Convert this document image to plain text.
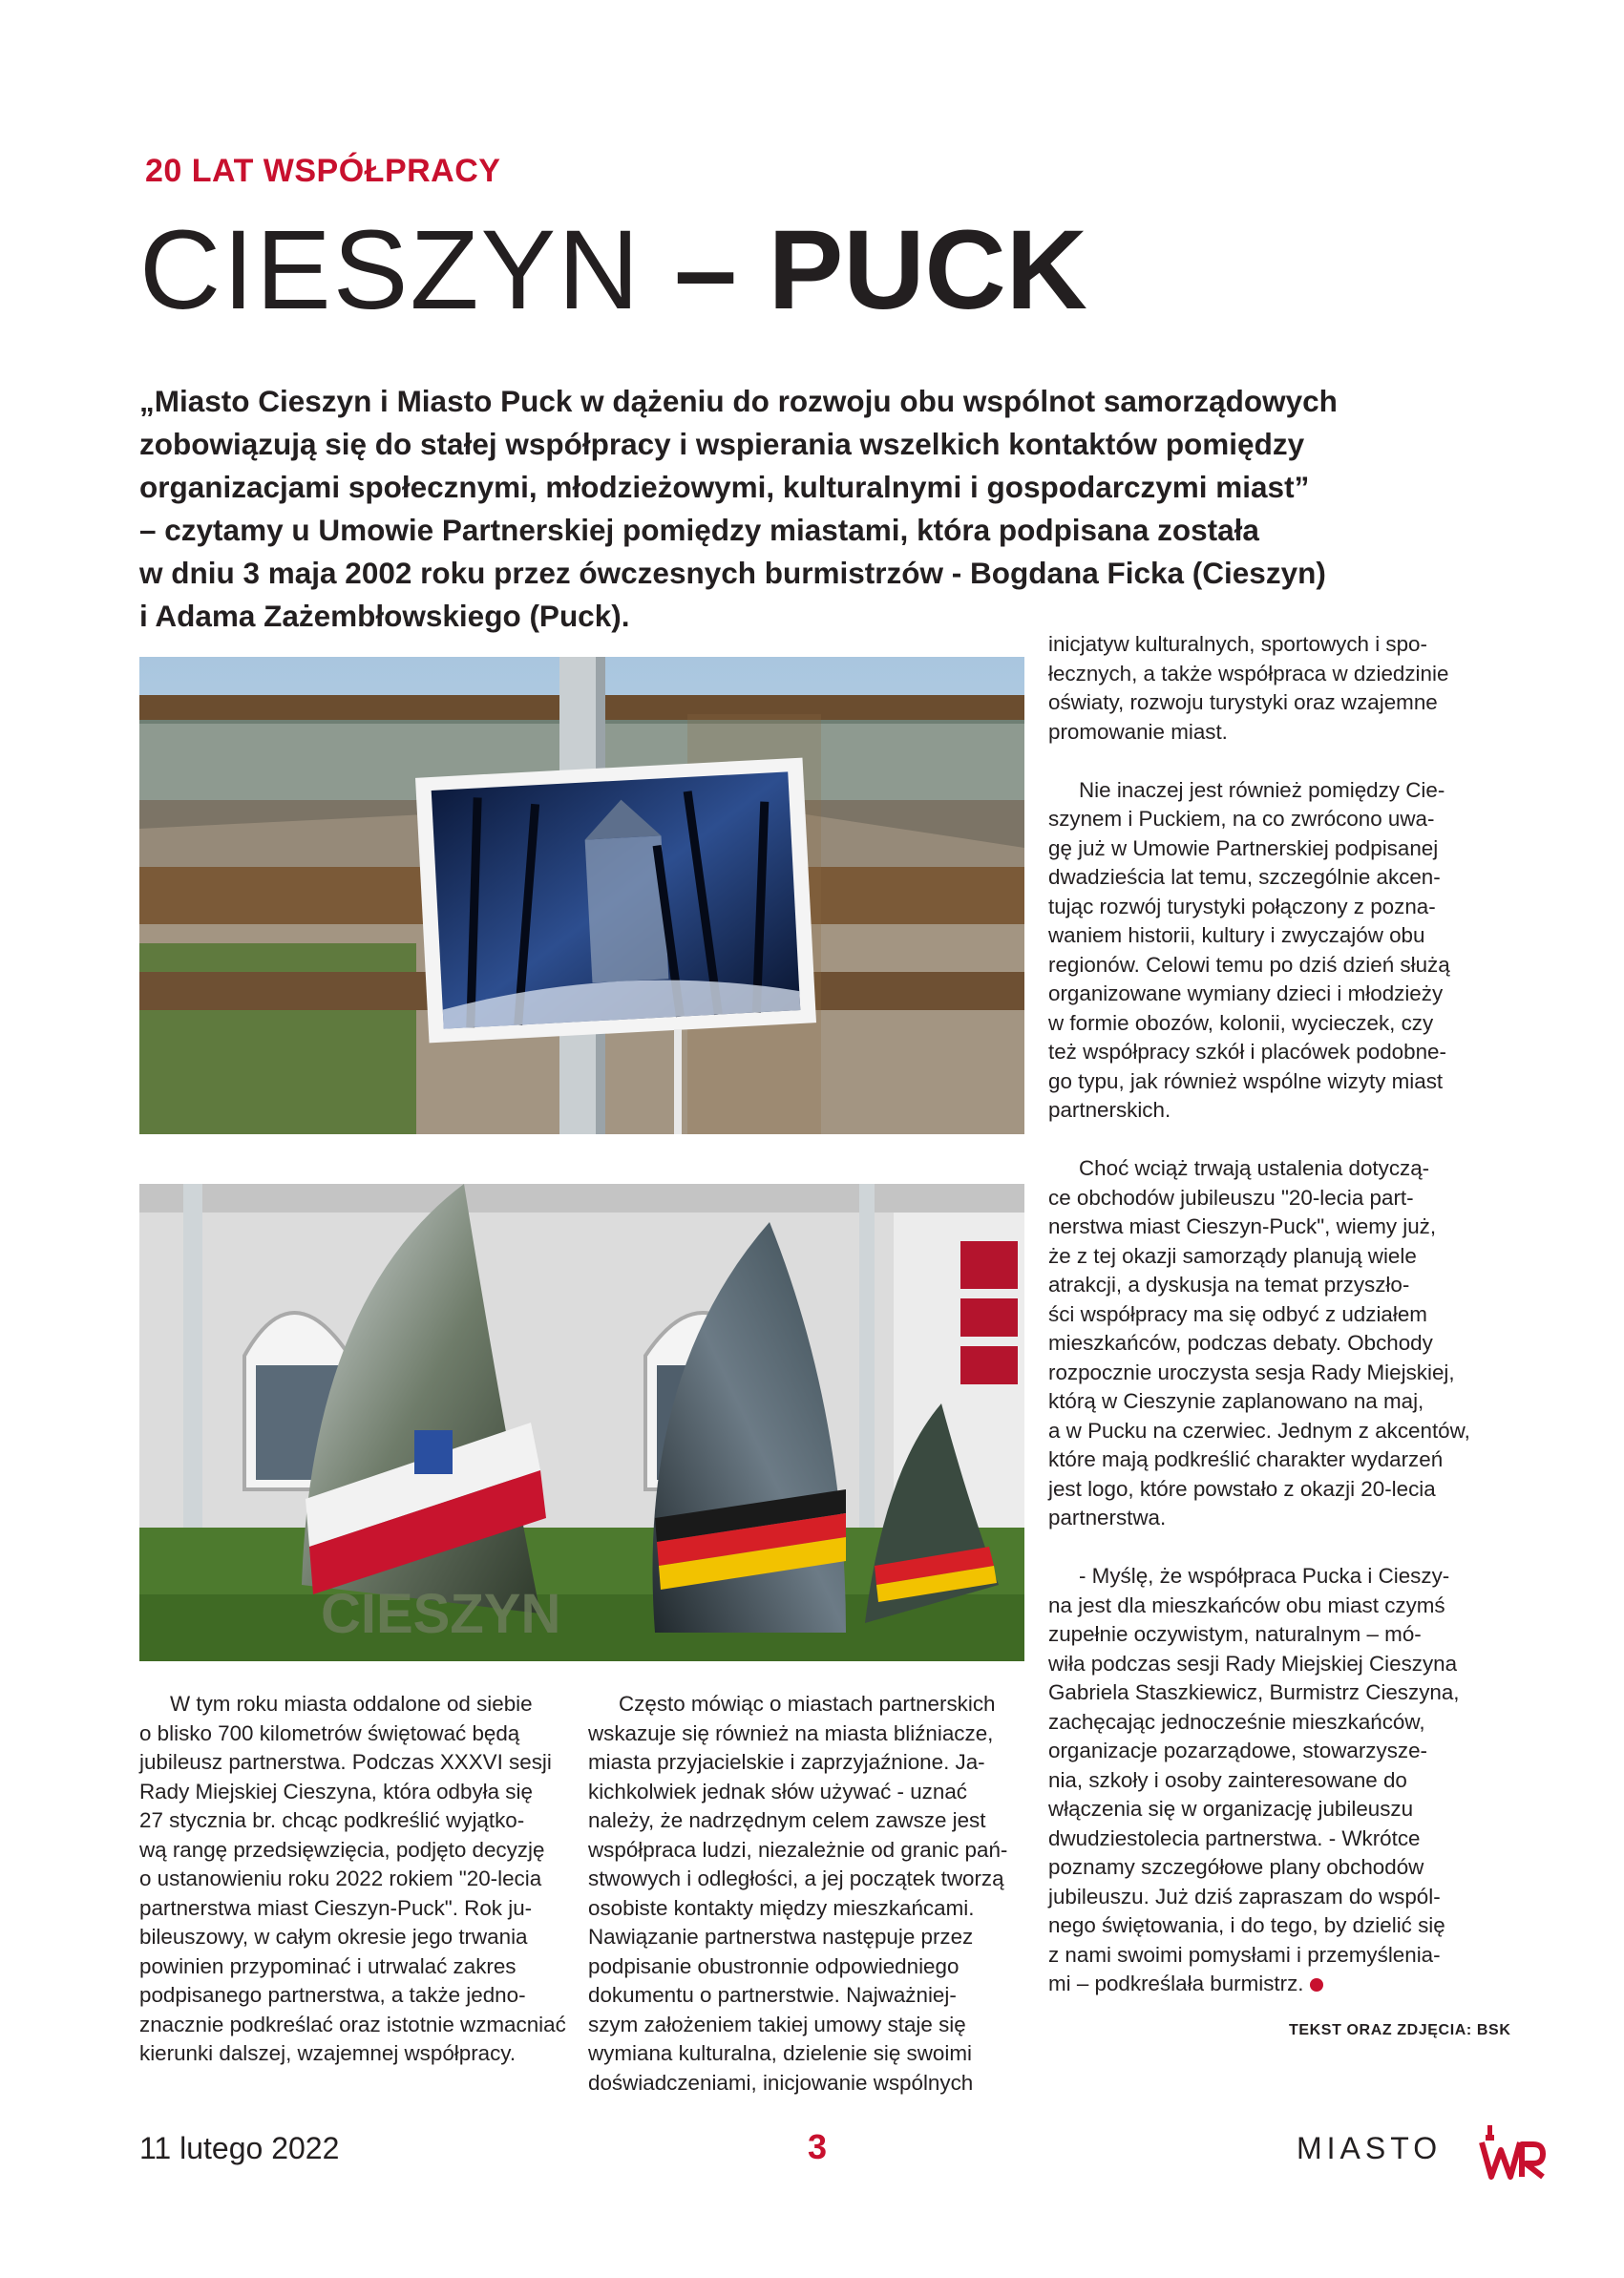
20 LAT WSPÓŁPRACY
CIESZYN – PUCK
„Miasto Cieszyn i Miasto Puck w dążeniu do rozwoju obu wspólnot samorządowych
zobowiązują się do stałej współpracy i wspierania wszelkich kontaktów pomiędzy
organizacjami społecznymi, młodzieżowymi, kulturalnymi i gospodarczymi miast”
– czytamy u Umowie Partnerskiej pomiędzy miastami, która podpisana została
w dniu 3 maja 2002 roku przez ówczesnych burmistrzów - Bogdana Ficka (Cieszyn)
i Adama Zażembłowskiego (Puck).
CIESZYN

W tym roku miasta oddalone od siebie

o blisko 700 kilometrów świętować będą

jubileusz partnerstwa. Podczas XXXVI sesji

Rady Miejskiej Cieszyna, która odbyła się

27 stycznia br. chcąc podkreślić wyjątko-

wą rangę przedsięwzięcia, podjęto decyzję

o ustanowieniu roku 2022 rokiem "20-lecia

partnerstwa miast Cieszyn-Puck". Rok ju-

bileuszowy, w całym okresie jego trwania

powinien przypominać i utrwalać zakres

podpisanego partnerstwa, a także jedno-

znacznie podkreślać oraz istotnie wzmacniać

kierunki dalszej, wzajemnej współpracy.

Często mówiąc o miastach partnerskich

wskazuje się również na miasta bliźniacze,

miasta przyjacielskie i zaprzyjaźnione. Ja-

kichkolwiek jednak słów używać - uznać

należy, że nadrzędnym celem zawsze jest

współpraca ludzi, niezależnie od granic pań-

stwowych i odległości, a jej początek tworzą

osobiste kontakty między mieszkańcami.

Nawiązanie partnerstwa następuje przez

podpisanie obustronnie odpowiedniego

dokumentu o partnerstwie. Najważniej-

szym założeniem takiej umowy staje się

wymiana kulturalna, dzielenie się swoimi

doświadczeniami, inicjowanie wspólnych

inicjatyw kulturalnych, sportowych i spo-

łecznych, a także współpraca w dziedzinie

oświaty, rozwoju turystyki oraz wzajemne

promowanie miast.

Nie inaczej jest również pomiędzy Cie-

szynem i Puckiem, na co zwrócono uwa-

gę już w Umowie Partnerskiej podpisanej

dwadzieścia lat temu, szczególnie akcen-

tując rozwój turystyki połączony z pozna-

waniem historii, kultury i zwyczajów obu

regionów. Celowi temu po dziś dzień służą

organizowane wymiany dzieci i młodzieży

w formie obozów, kolonii, wycieczek, czy

też współpracy szkół i placówek podobne-

go typu, jak również wspólne wizyty miast

partnerskich.

Choć wciąż trwają ustalenia dotyczą-

ce obchodów jubileuszu "20-lecia part-

nerstwa miast Cieszyn-Puck", wiemy już,

że z tej okazji samorządy planują wiele

atrakcji, a dyskusja na temat przyszło-

ści współpracy ma się odbyć z udziałem

mieszkańców, podczas debaty. Obchody

rozpocznie uroczysta sesja Rady Miejskiej,

którą w Cieszynie zaplanowano na maj,

a w Pucku na czerwiec. Jednym z akcentów,

które mają podkreślić charakter wydarzeń

jest logo, które powstało z okazji 20-lecia

partnerstwa.

- Myślę, że współpraca Pucka i Cieszy-

na jest dla mieszkańców obu miast czymś

zupełnie oczywistym, naturalnym – mó-

wiła podczas sesji Rady Miejskiej Cieszyna

Gabriela Staszkiewicz, Burmistrz Cieszyna,

zachęcając jednocześnie mieszkańców,

organizacje pozarządowe, stowarzysze-

nia, szkoły i osoby zainteresowane do

włączenia się w organizację jubileuszu

dwudziestolecia partnerstwa. - Wkrótce

poznamy szczegółowe plany obchodów

jubileuszu. Już dziś zapraszam do wspól-

nego świętowania, i do tego, by dzielić się

z nami swoimi pomysłami i przemyślenia-

mi – podkreślała burmistrz.

TEKST ORAZ ZDJĘCIA: BSK
11 lutego 2022	3	MIASTO
